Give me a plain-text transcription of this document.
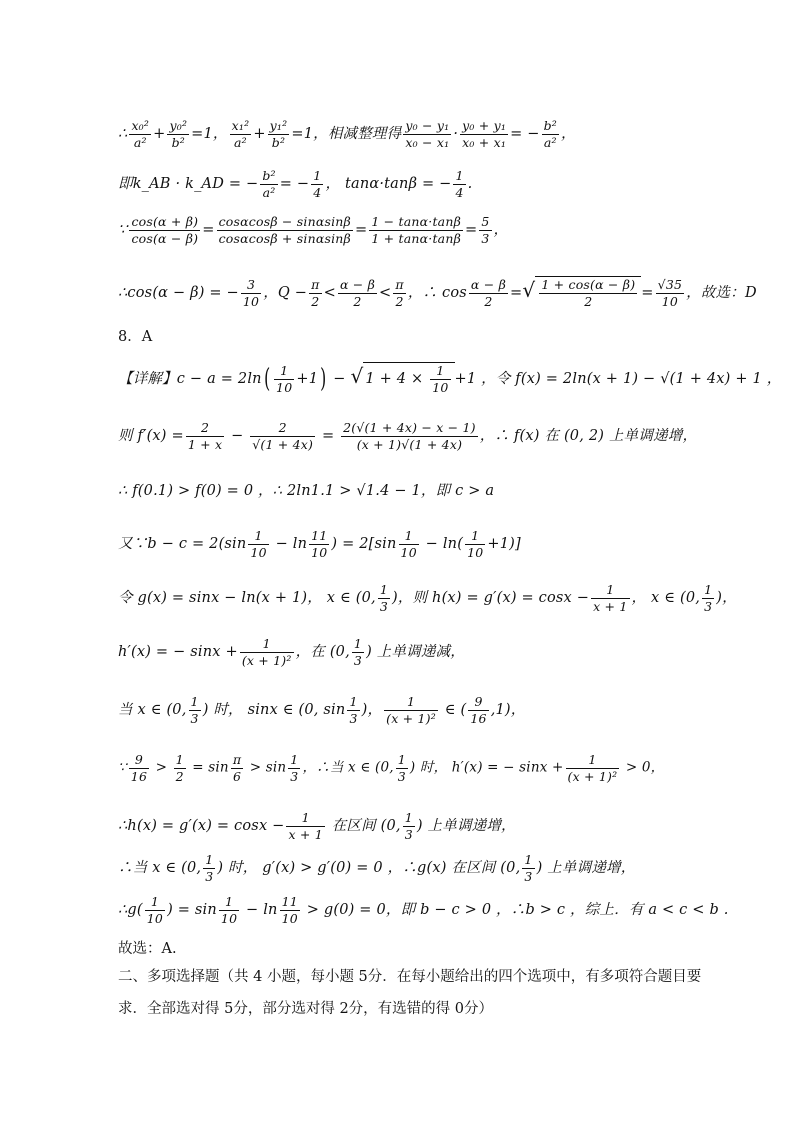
∴ $\frac{\text{x₀²}}{\text{a²}} + \frac{\text{y₀²}}{\text{b²}} =1$， $\frac{\text{x₁²}}{\text{a²}} + \frac{\text{y₁²}}{\text{b²}} =1$，相减整理得 $\frac{\text{y₀ − y₁}}{\text{x₀ − x₁}} \cdot \frac{\text{y₀ + y₁}}{\text{x₀ + x₁}}$ = − $\frac{\text{b²}}{\text{a²}}$ ，
即k_AB · k_AD = − $\frac{\text{b²}}{\text{a²}}$ = − $\frac{1}{4}$ ， tanα·tanβ = − $\frac{1}{4}$ .
∵ $\frac{\cos(\alpha + \beta)}{\cos(\alpha - \beta)} = \frac{\cos\alpha\cos\beta - \sin\alpha\sin\beta}{\cos\alpha\cos\beta + \sin\alpha\sin\beta} = \frac{1 - \tan\alpha\cdot\tan\beta}{1 + \tan\alpha\cdot\tan\beta} = \frac{5}{3}$ ，
∴cos(α − β) = − $\frac{3}{10}$ ，$Q - \frac{\pi}{2} < \frac{\alpha - \beta}{2} < \frac{\pi}{2}$ ，∴ $\cos \frac{\alpha - \beta}{2}$ =√ $\frac{1 + \cos(\alpha - \beta)}{2} = \frac{√35}{10}$ ，故选：D
8．A
【详解】$c - a = 2\ln( \frac{1}{10} +1)$ − √ $1 + 4 \times \frac{1}{10} +1$ ，令 f(x) = 2ln(x + 1) − √(1 + 4x) + 1 ，
则 $f'(x) = \frac{2}{1 + x} - \frac{2}{√(1 + 4x)} = \frac{2(√(1 + 4x) - x - 1)}{(x + 1)√(1 + 4x)}$ ，∴ f(x) 在 (0, 2) 上单调递增，
∴ f(0.1) > f(0) = 0 ，∴ 2ln1.1 > √1.4 − 1，即 c > a
又∵b − $c = 2(\sin \frac{1}{10} - \ln \frac{11}{10}$ ) = $2[\sin \frac{1}{10} - \ln( \frac{1}{10} +1)]$
令 g(x) = sinx − ln(x + 1)， x ∈ (0, $\frac{1}{3}$ )，则 $h(x) = g'(x) = \cos x - \frac{1}{x + 1}$ ， x ∈ (0, $\frac{1}{3}$ )，
h′(x) = − $\sin x + \frac{1}{\text{(x + 1)²}}$ ，在 (0, $\frac{1}{3}$ ) 上单调递减，
当 x ∈ (0, $\frac{1}{3}$ ) 时， sinx ∈ (0, $\sin \frac{1}{3}$ )， $\frac{1}{\text{(x + 1)²}}$ ∈ ( $\frac{9}{16} ,1$)，
∵ $\frac{9}{16} > \frac{1}{2} = \sin \frac{\pi}{6} > \sin \frac{1}{3}$ ，∴当 x ∈ (0, $\frac{1}{3}$ ) 时， h′(x) = − $\sin x + \frac{1}{\text{(x + 1)²}} > 0$，
∴h(x) = $g'(x) = \cos x - \frac{1}{x + 1}$ 在区间 (0, $\frac{1}{3}$ ) 上单调递增，
∴当 x ∈ (0, $\frac{1}{3}$ ) 时， g′(x) > g′(0) = 0 ，∴g(x) 在区间 (0, $\frac{1}{3}$ ) 上单调递增，
∴g( $\frac{1}{10}$ ) = $\sin \frac{1}{10} - \ln \frac{11}{10} > g(0) = 0$，即 b − c > 0 ，∴b > c ，综上．有 a < c < b .
故选：A.
二、多项选择题（共 4 小题，每小题 5分．在每小题给出的四个选项中，有多项符合题目要
求．全部选对得 5分，部分选对得 2分，有选错的得 0分）
